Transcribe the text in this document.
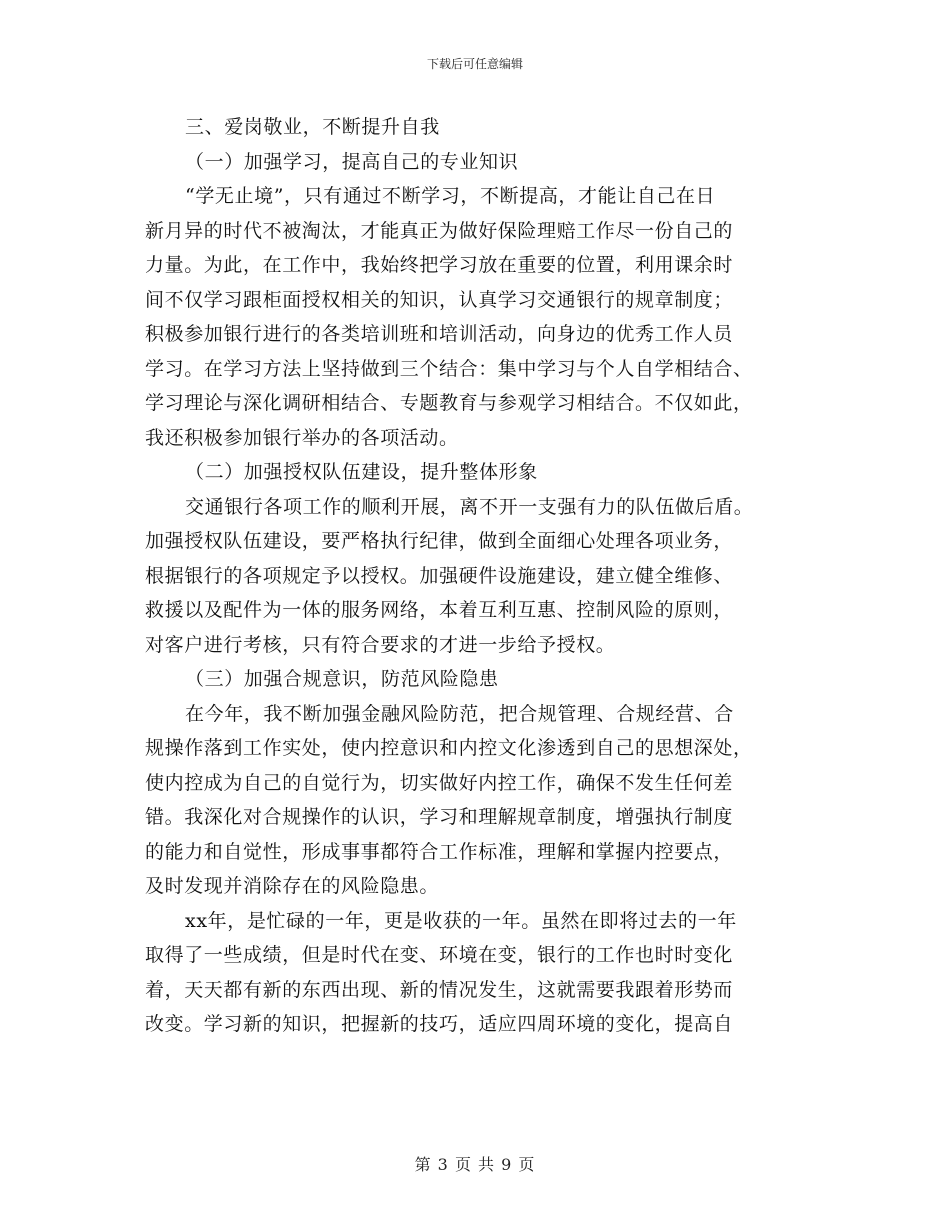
下载后可任意编辑
三、爱岗敬业，不断提升自我
（一）加强学习，提高自己的专业知识
“学无止境”，只有通过不断学习，不断提高，才能让自己在日
新月异的时代不被淘汰，才能真正为做好保险理赔工作尽一份自己的
力量。为此，在工作中，我始终把学习放在重要的位置，利用课余时
间不仅学习跟柜面授权相关的知识，认真学习交通银行的规章制度；
积极参加银行进行的各类培训班和培训活动，向身边的优秀工作人员
学习。在学习方法上坚持做到三个结合：集中学习与个人自学相结合、
学习理论与深化调研相结合、专题教育与参观学习相结合。不仅如此，
我还积极参加银行举办的各项活动。
（二）加强授权队伍建设，提升整体形象
交通银行各项工作的顺利开展，离不开一支强有力的队伍做后盾。
加强授权队伍建设，要严格执行纪律，做到全面细心处理各项业务，
根据银行的各项规定予以授权。加强硬件设施建设，建立健全维修、
救援以及配件为一体的服务网络，本着互利互惠、控制风险的原则，
对客户进行考核，只有符合要求的才进一步给予授权。
（三）加强合规意识，防范风险隐患
在今年，我不断加强金融风险防范，把合规管理、合规经营、合
规操作落到工作实处，使内控意识和内控文化渗透到自己的思想深处，
使内控成为自己的自觉行为，切实做好内控工作，确保不发生任何差
错。我深化对合规操作的认识，学习和理解规章制度，增强执行制度
的能力和自觉性，形成事事都符合工作标准，理解和掌握内控要点，
及时发现并消除存在的风险隐患。
xx年，是忙碌的一年，更是收获的一年。虽然在即将过去的一年
取得了一些成绩，但是时代在变、环境在变，银行的工作也时时变化
着，天天都有新的东西出现、新的情况发生，这就需要我跟着形势而
改变。学习新的知识，把握新的技巧，适应四周环境的变化，提高自
第 3 页 共 9 页
